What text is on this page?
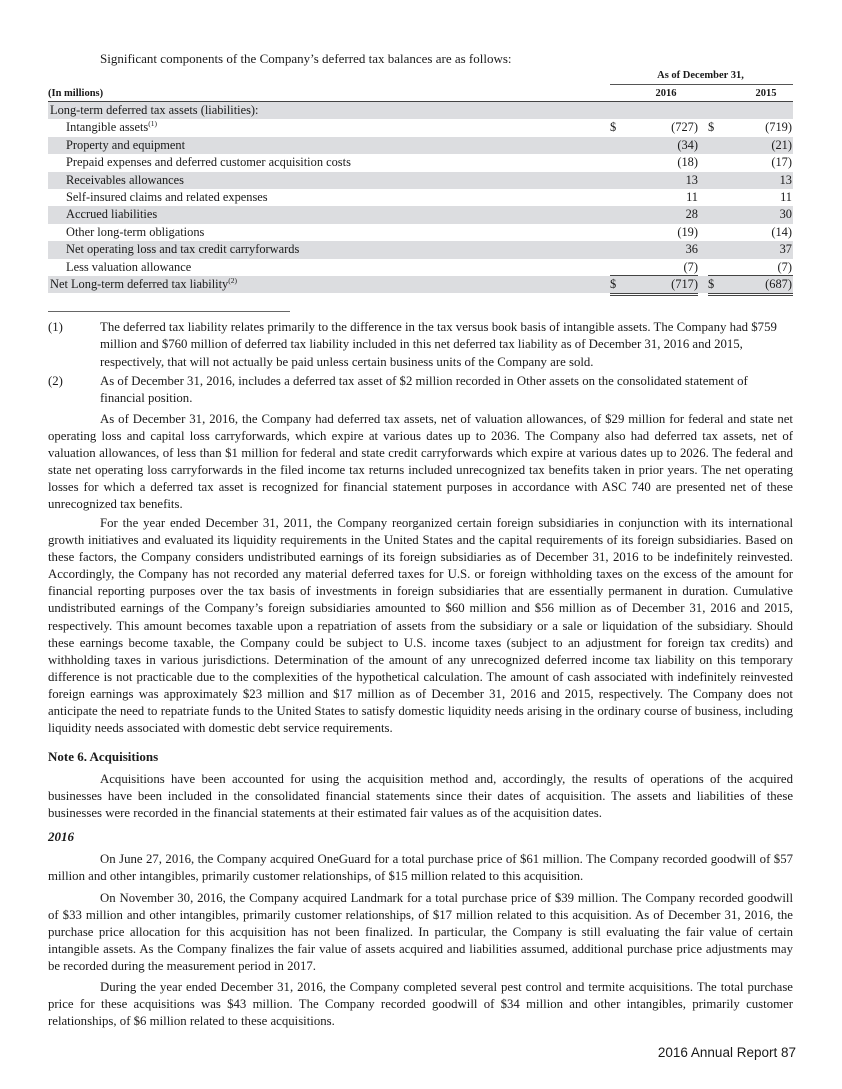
Significant components of the Company’s deferred tax balances are as follows:
As of December 31,
(In millions)	2016	2015
Long-term deferred tax assets (liabilities):
Intangible assets$^{(1)}$	$	(727) $	(719)
Property and equipment	(34)	(21)
Prepaid expenses and deferred customer acquisition costs	(18)	(17)
Receivables allowances	13	13
Self-insured claims and related expenses	11	11
Accrued liabilities	28	30
Other long-term obligations	(19)	(14)
Net operating loss and tax credit carryforwards	36	37
Less valuation allowance	(7)	(7)
Net Long-term deferred tax liability$^{(2)}$	$	(717) $	(687)
(1)	The deferred tax liability relates primarily to the difference in the tax versus book basis of intangible assets. The Company had $759 million and $760 million of deferred tax liability included in this net deferred tax liability as of December 31, 2016 and 2015, respectively, that will not actually be paid unless certain business units of the Company are sold.
(2)	As of December 31, 2016, includes a deferred tax asset of $2 million recorded in Other assets on the consolidated statement of financial position.
As of December 31, 2016, the Company had deferred tax assets, net of valuation allowances, of $29 million for federal and state net operating loss and capital loss carryforwards, which expire at various dates up to 2036. The Company also had deferred tax assets, net of valuation allowances, of less than $1 million for federal and state credit carryforwards which expire at various dates up to 2026. The federal and state net operating loss carryforwards in the filed income tax returns included unrecognized tax benefits taken in prior years. The net operating losses for which a deferred tax asset is recognized for financial statement purposes in accordance with ASC 740 are presented net of these unrecognized tax benefits.
For the year ended December 31, 2011, the Company reorganized certain foreign subsidiaries in conjunction with its international growth initiatives and evaluated its liquidity requirements in the United States and the capital requirements of its foreign subsidiaries. Based on these factors, the Company considers undistributed earnings of its foreign subsidiaries as of December 31, 2016 to be indefinitely reinvested. Accordingly, the Company has not recorded any material deferred taxes for U.S. or foreign withholding taxes on the excess of the amount for financial reporting purposes over the tax basis of investments in foreign subsidiaries that are essentially permanent in duration. Cumulative undistributed earnings of the Company’s foreign subsidiaries amounted to $60 million and $56 million as of December 31, 2016 and 2015, respectively. This amount becomes taxable upon a repatriation of assets from the subsidiary or a sale or liquidation of the subsidiary. Should these earnings become taxable, the Company could be subject to U.S. income taxes (subject to an adjustment for foreign tax credits) and withholding taxes in various jurisdictions. Determination of the amount of any unrecognized deferred income tax liability on this temporary difference is not practicable due to the complexities of the hypothetical calculation. The amount of cash associated with indefinitely reinvested foreign earnings was approximately $23 million and $17 million as of December 31, 2016 and 2015, respectively. The Company does not anticipate the need to repatriate funds to the United States to satisfy domestic liquidity needs arising in the ordinary course of business, including liquidity needs associated with domestic debt service requirements.
Note 6. Acquisitions
Acquisitions have been accounted for using the acquisition method and, accordingly, the results of operations of the acquired businesses have been included in the consolidated financial statements since their dates of acquisition. The assets and liabilities of these businesses were recorded in the financial statements at their estimated fair values as of the acquisition dates.
2016
On June 27, 2016, the Company acquired OneGuard for a total purchase price of $61 million. The Company recorded goodwill of $57 million and other intangibles, primarily customer relationships, of $15 million related to this acquisition.
On November 30, 2016, the Company acquired Landmark for a total purchase price of $39 million. The Company recorded goodwill of $33 million and other intangibles, primarily customer relationships, of $17 million related to this acquisition. As of December 31, 2016, the purchase price allocation for this acquisition has not been finalized. In particular, the Company is still evaluating the fair value of certain intangible assets. As the Company finalizes the fair value of assets acquired and liabilities assumed, additional purchase price adjustments may be recorded during the measurement period in 2017.
During the year ended December 31, 2016, the Company completed several pest control and termite acquisitions. The total purchase price for these acquisitions was $43 million. The Company recorded goodwill of $34 million and other intangibles, primarily customer relationships, of $6 million related to these acquisitions.
2016 Annual Report 87
